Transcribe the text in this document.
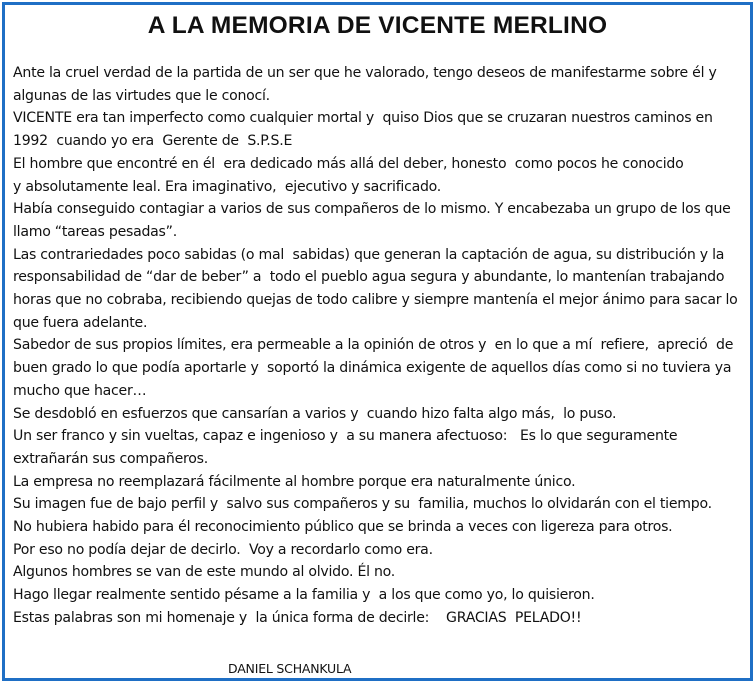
A LA MEMORIA DE VICENTE MERLINO
Ante la cruel verdad de la partida de un ser que he valorado, tengo deseos de manifestarme sobre él y
algunas de las virtudes que le conocí.
VICENTE era tan imperfecto como cualquier mortal y  quiso Dios que se cruzaran nuestros caminos en
1992  cuando yo era  Gerente de  S.P.S.E
El hombre que encontré en él  era dedicado más allá del deber, honesto  como pocos he conocido
y absolutamente leal. Era imaginativo,  ejecutivo y sacrificado.
Había conseguido contagiar a varios de sus compañeros de lo mismo. Y encabezaba un grupo de los que
llamo “tareas pesadas”.
Las contrariedades poco sabidas (o mal  sabidas) que generan la captación de agua, su distribución y la
responsabilidad de “dar de beber” a  todo el pueblo agua segura y abundante, lo mantenían trabajando
horas que no cobraba, recibiendo quejas de todo calibre y siempre mantenía el mejor ánimo para sacar lo
que fuera adelante.
Sabedor de sus propios límites, era permeable a la opinión de otros y  en lo que a mí  refiere,  apreció  de
buen grado lo que podía aportarle y  soportó la dinámica exigente de aquellos días como si no tuviera ya
mucho que hacer…
Se desdobló en esfuerzos que cansarían a varios y  cuando hizo falta algo más,  lo puso.
Un ser franco y sin vueltas, capaz e ingenioso y  a su manera afectuoso:   Es lo que seguramente
extrañarán sus compañeros.
La empresa no reemplazará fácilmente al hombre porque era naturalmente único.
Su imagen fue de bajo perfil y  salvo sus compañeros y su  familia, muchos lo olvidarán con el tiempo.
No hubiera habido para él reconocimiento público que se brinda a veces con ligereza para otros.
Por eso no podía dejar de decirlo.  Voy a recordarlo como era.
Algunos hombres se van de este mundo al olvido. Él no.
Hago llegar realmente sentido pésame a la familia y  a los que como yo, lo quisieron.
Estas palabras son mi homenaje y  la única forma de decirle:    GRACIAS  PELADO!!
DANIEL SCHANKULA
